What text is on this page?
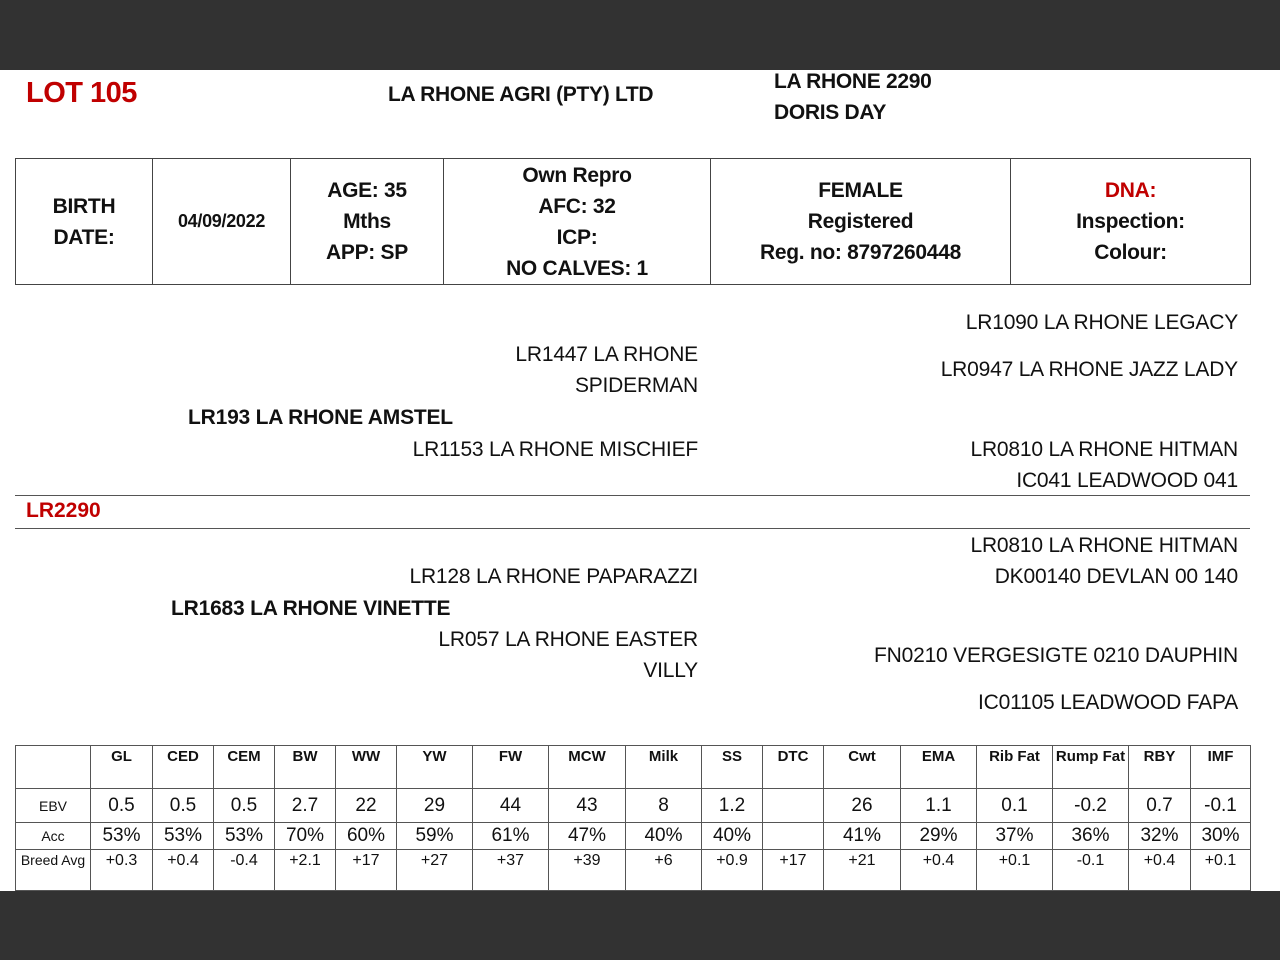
LOT 105	LA RHONE AGRI (PTY) LTD
LA RHONE 2290
DORIS DAY
BIRTH
DATE:
	04/09/2022	
AGE: 35
Mths
APP: SP

Own Repro
AFC: 32
ICP:
NO CALVES: 1

FEMALE
Registered
Reg. no: 8797260448

DNA:
Inspection:
Colour:
LR1090 LA RHONE LEGACY
LR1447 LA RHONE
SPIDERMAN
LR0947 LA RHONE JAZZ LADY
LR193 LA RHONE AMSTEL
LR1153 LA RHONE MISCHIEF	LR0810 LA RHONE HITMAN
IC041 LEADWOOD 041
LR2290
LR0810 LA RHONE HITMAN
DK00140 DEVLAN 00 140
LR128 LA RHONE PAPARAZZI
LR1683 LA RHONE VINETTE
LR057 LA RHONE EASTER
VILLY
FN0210 VERGESIGTE 0210 DAUPHIN
IC01105 LEADWOOD FAPA
	GL	CED	CEM	BW	WW	YW	FW	MCW	Milk	SS	DTC	Cwt	EMA	Rib Fat	Rump Fat	RBY	IMF
EBV	0.5	0.5	0.5	2.7	22	29	44	43	8	1.2		26	1.1	0.1	-0.2	0.7	-0.1
Acc	53%	53%	53%	70%	60%	59%	61%	47%	40%	40%		41%	29%	37%	36%	32%	30%
Breed Avg	+0.3	+0.4	-0.4	+2.1	+17	+27	+37	+39	+6	+0.9	+17	+21	+0.4	+0.1	-0.1	+0.4	+0.1
